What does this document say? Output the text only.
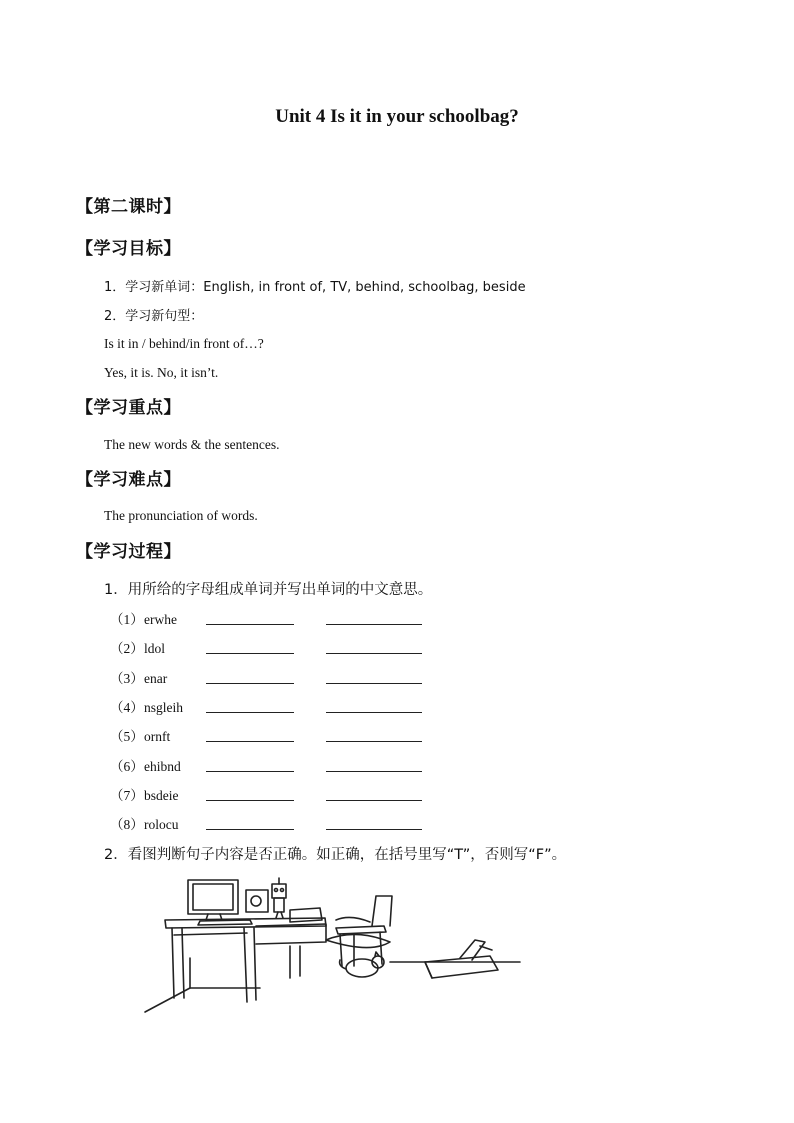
Unit 4 Is it in your schoolbag?
【第二课时】
【学习目标】
1．学习新单词：English, in front of, TV, behind, schoolbag, beside
2．学习新句型：
Is it in / behind/in front of…?
Yes, it is. No, it isn’t.
【学习重点】
The new words & the sentences.
【学习难点】
The pronunciation of words.
【学习过程】
1．用所给的字母组成单词并写出单词的中文意思。
（1）erwhe
（2）ldol
（3）enar
（4）nsgleih
（5）ornft
（6）ehibnd
（7）bsdeie
（8）rolocu
2．看图判断句子内容是否正确。如正确，在括号里写“T”，否则写“F”。
